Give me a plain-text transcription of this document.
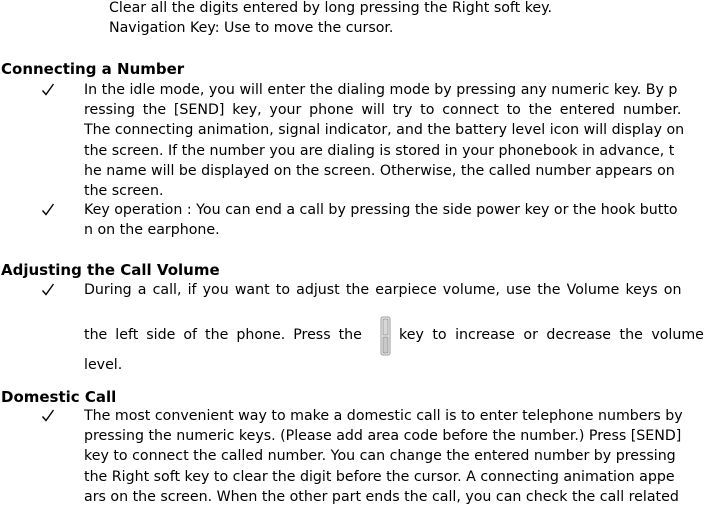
Clear all the digits entered by long pressing the Right soft key.
Navigation Key: Use to move the cursor.
Connecting a Number
In the idle mode, you will enter the dialing mode by pressing any numeric key. By p
ressing the [SEND] key, your phone will try to connect to the entered number.
The connecting animation, signal indicator, and the battery level icon will display on
the screen. If the number you are dialing is stored in your phonebook in advance, t
he name will be displayed on the screen. Otherwise, the called number appears on
the screen.
Key operation : You can end a call by pressing the side power key or the hook butto
n on the earphone.
Adjusting the Call Volume
During a call, if you want to adjust the earpiece volume, use the Volume keys on
the left side of the phone. Press the	key to increase or decrease the volume
level.
Domestic Call
The most convenient way to make a domestic call is to enter telephone numbers by
pressing the numeric keys. (Please add area code before the number.) Press [SEND]
key to connect the called number. You can change the entered number by pressing
the Right soft key to clear the digit before the cursor. A connecting animation appe
ars on the screen. When the other part ends the call, you can check the call related
